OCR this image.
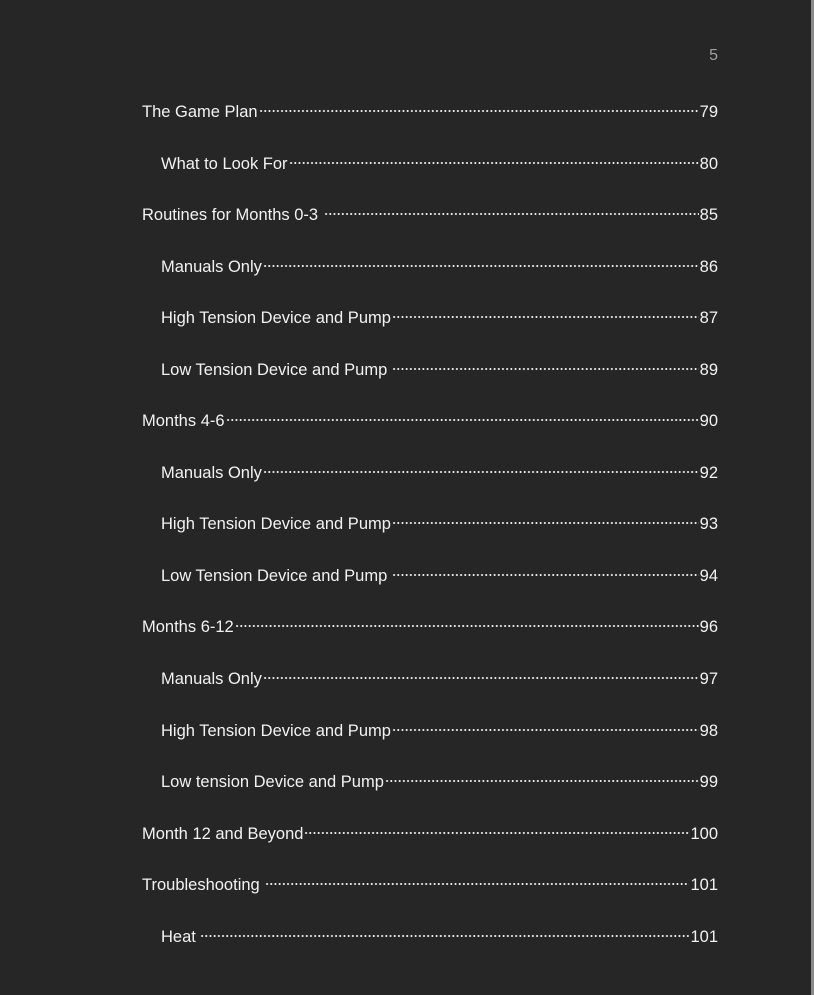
5
The Game Plan	79
What to Look For	80
Routines for Months 0-3	85
Manuals Only	86
High Tension Device and Pump	87
Low Tension Device and Pump	89
Months 4-6	90
Manuals Only	92
High Tension Device and Pump	93
Low Tension Device and Pump	94
Months 6-12	96
Manuals Only	97
High Tension Device and Pump	98
Low tension Device and Pump	99
Month 12 and Beyond	100
Troubleshooting	101
Heat	101
